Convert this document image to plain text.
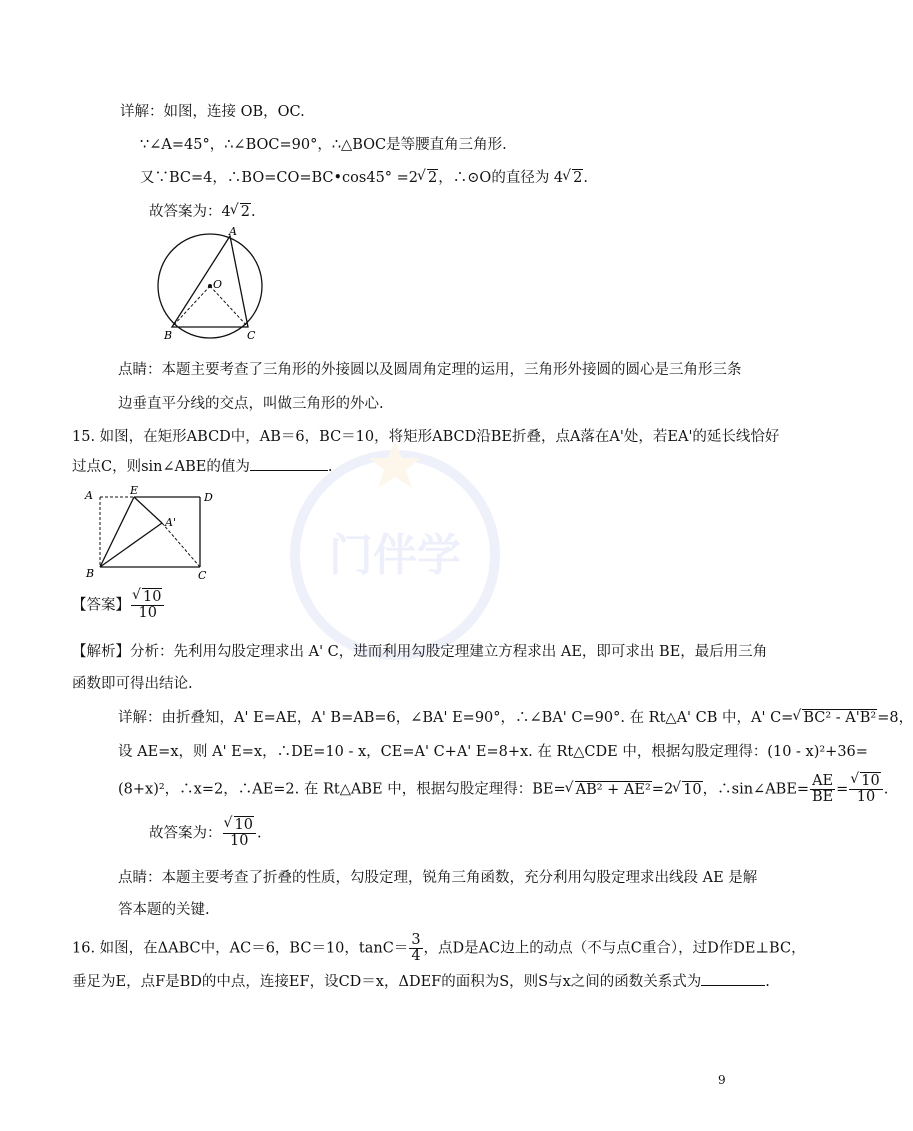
门伴学
详解：如图，连接 OB，OC.
∵∠A=45°，∴∠BOC=90°，∴△BOC是等腰直角三角形.
又∵BC=4，∴BO=CO=BC•cos45° =2 √ 2，∴⊙O的直径为 4 √ 2.
故答案为：4 √ 2.
A
O
B	C
点睛：本题主要考查了三角形的外接圆以及圆周角定理的运用，三角形外接圆的圆心是三角形三条
边垂直平分线的交点，叫做三角形的外心.
15. 如图，在矩形ABCD中，AB＝6，BC＝10，将矩形ABCD沿BE折叠，点A落在A'处，若EA'的延长线恰好
过点C，则sin∠ABE的值为	.
A	E
D
A'
B	C
【答案】 √ $\frac{10}{10}$
【解析】分析：先利用勾股定理求出 A' C，进而利用勾股定理建立方程求出 AE，即可求出 BE，最后用三角
函数即可得出结论.
详解：由折叠知，A' E=AE，A' B=AB=6，∠BA' E=90°，∴∠BA' C=90°. 在 Rt△A' CB 中，A' C= √ BC² - A'B²=8，
设 AE=x，则 A' E=x，∴DE=10 - x，CE=A' C+A' E=8+x. 在 Rt△CDE 中，根据勾股定理得：(10 - x)²+36=
(8+x)²，∴x=2，∴AE=2. 在 Rt△ABE 中，根据勾股定理得：BE= √ AB² + AE²=2 √ 10，∴sin∠ABE= $\frac{AE}{BE}$ = √ $\frac{10}{10}$ .
故答案为： √ $\frac{10}{10}$ .
点睛：本题主要考查了折叠的性质，勾股定理，锐角三角函数，充分利用勾股定理求出线段 AE 是解
答本题的关键.
16. 如图，在ΔABC中，AC＝6，BC＝10，$\tan C= \frac{3}{4}$ ，点D是AC边上的动点（不与点C重合），过D作DE⊥BC，
垂足为E，点F是BD的中点，连接EF，设CD＝x，ΔDEF的面积为S，则S与x之间的函数关系式为	.
9
